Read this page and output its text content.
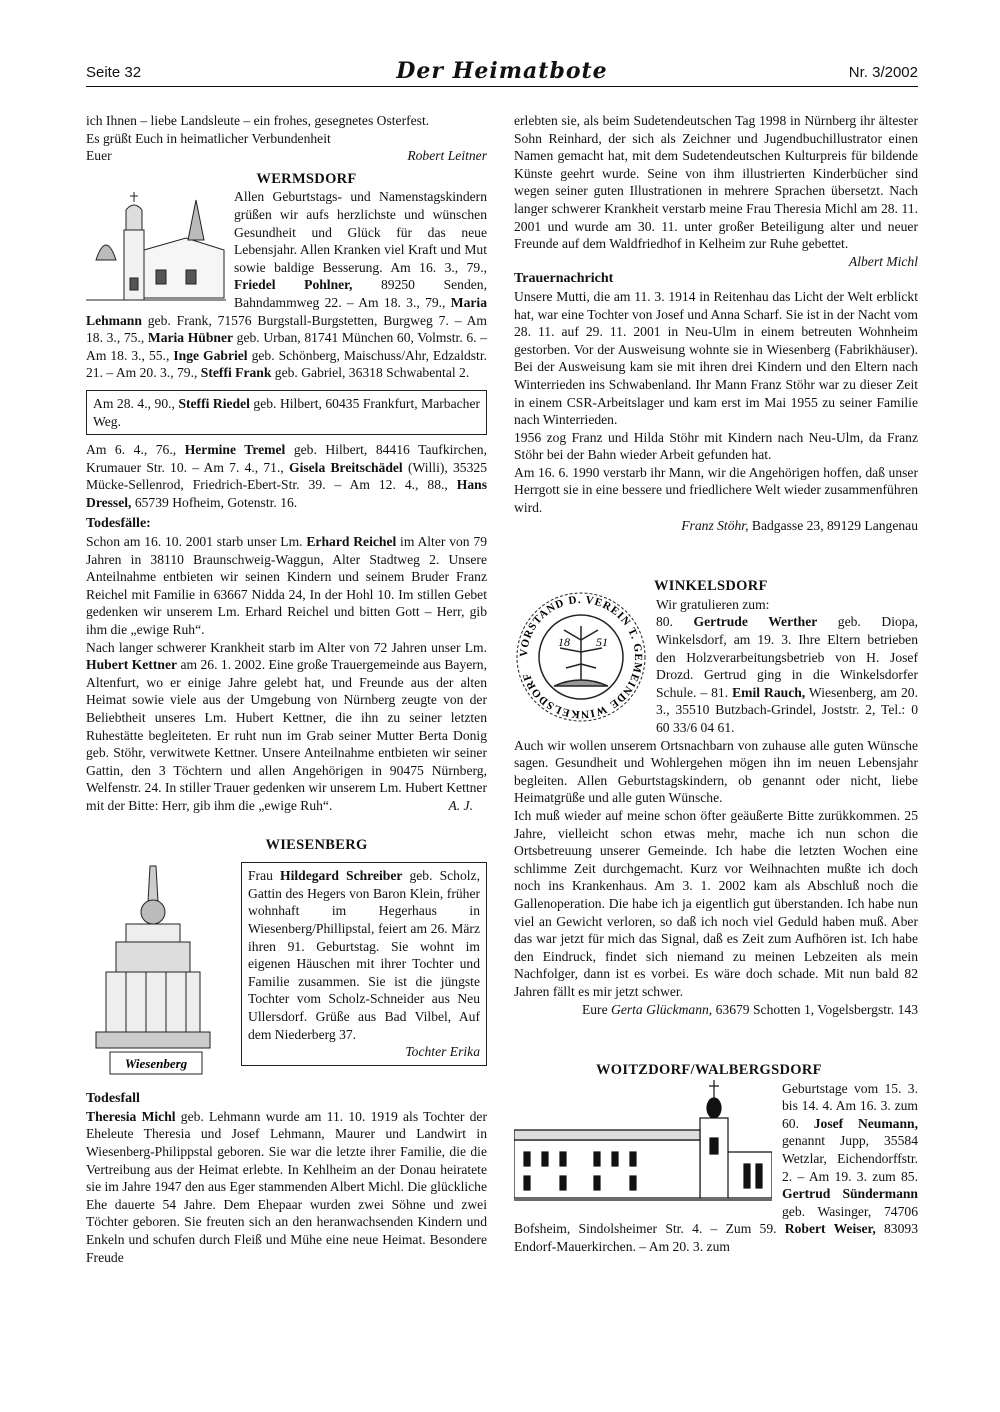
Seite 32	Der Heimatbote	Nr. 3/2002

ich Ihnen – liebe Landsleute – ein frohes, gesegnetes Osterfest.

Es grüßt Euch in heimatlicher Verbundenheit

Euer	Robert Leitner

WERMSDORF

Allen Geburtstags- und Namenstagskindern grüßen wir aufs herzlichste und wünschen Gesundheit und Glück für das neue Lebensjahr. Allen Kranken viel Kraft und Mut sowie baldige Besserung. Am 16. 3., 79., Friedel Pohlner, 89250 Senden, Bahndammweg 22. – Am 18. 3., 79., Maria Lehmann geb. Frank, 71576 Burgstall-Burgstetten, Burgweg 7. – Am 18. 3., 75., Maria Hübner geb. Urban, 81741 München 60, Volmstr. 6. – Am 18. 3., 55., Inge Gabriel geb. Schönberg, Maischuss/Ahr, Edzaldstr. 21. – Am 20. 3., 79., Steffi Frank geb. Gabriel, 36318 Schwabental 2.

Am 28. 4., 90., Steffi Riedel geb. Hilbert, 60435 Frankfurt, Marbacher Weg.

Am 6. 4., 76., Hermine Tremel geb. Hilbert, 84416 Taufkirchen, Krumauer Str. 10. – Am 7. 4., 71., Gisela Breitschädel (Willi), 35325 Mücke-Sellenrod, Friedrich-Ebert-Str. 39. – Am 12. 4., 88., Hans Dressel, 65739 Hofheim, Gotenstr. 16.

Todesfälle:

Schon am 16. 10. 2001 starb unser Lm. Erhard Reichel im Alter von 79 Jahren in 38110 Braunschweig-Waggun, Alter Stadtweg 2. Unsere Anteilnahme entbieten wir seinen Kindern und seinem Bruder Franz Reichel mit Familie in 63667 Nidda 24, In der Hohl 10. Im stillen Gebet gedenken wir unserem Lm. Erhard Reichel und bitten Gott – Herr, gib ihm die „ewige Ruh“.

Nach langer schwerer Krankheit starb im Alter von 72 Jahren unser Lm. Hubert Kettner am 26. 1. 2002. Eine große Trauergemeinde aus Bayern, Altenfurt, wo er einige Jahre gelebt hat, und Freunde aus der alten Heimat sowie viele aus der Umgebung von Nürnberg zeugte von der Beliebtheit unseres Lm. Hubert Kettner, die ihn zu seiner letzten Ruhestätte begleiteten. Er ruht nun im Grab seiner Mutter Berta Donig geb. Stöhr, verwitwete Kettner. Unsere Anteilnahme entbieten wir seiner Gattin, den 3 Töchtern und allen Angehörigen in 90475 Nürnberg, Welfenstr. 24. In stiller Trauer gedenken wir unserem Lm. Hubert Kettner mit der Bitte: Herr, gib ihm die „ewige Ruh“.	A. J.

WIESENBERG
Wiesenberg
Frau Hildegard Schreiber geb. Scholz, Gattin des Hegers von Baron Klein, früher wohnhaft im Hegerhaus in Wiesenberg/Phillipstal, feiert am 26. März ihren 91. Geburtstag. Sie wohnt im eigenen Häuschen mit ihrer Tochter und Familie zusammen. Sie ist die jüngste Tochter vom Scholz-Schneider aus Neu Ullersdorf. Grüße aus Bad Vilbel, Auf dem Niederberg 37.
Tochter Erika

Todesfall

Theresia Michl geb. Lehmann wurde am 11. 10. 1919 als Tochter der Eheleute Theresia und Josef Lehmann, Maurer und Landwirt in Wiesenberg-Philippstal geboren. Sie war die letzte ihrer Familie, die die Vertreibung aus der Heimat erlebte. In Kehlheim an der Donau heiratete sie im Jahre 1947 den aus Eger stammenden Albert Michl. Die glückliche Ehe dauerte 54 Jahre. Dem Ehepaar wurden zwei Söhne und zwei Töchter geboren. Sie freuten sich an den heranwachsenden Kindern und Enkeln und schufen durch Fleiß und Mühe eine neue Heimat. Besondere Freude

erlebten sie, als beim Sudetendeutschen Tag 1998 in Nürnberg ihr ältester Sohn Reinhard, der sich als Zeichner und Jugendbuchillustrator einen Namen gemacht hat, mit dem Sudetendeutschen Kulturpreis für bildende Künste geehrt wurde. Seine von ihm illustrierten Kinderbücher sind wegen seiner guten Illustrationen in mehrere Sprachen übersetzt. Nach langer schwerer Krankheit verstarb meine Frau Theresia Michl am 28. 11. 2001 und wurde am 30. 11. unter großer Beteiligung alter und neuer Freunde auf dem Waldfriedhof in Kelheim zur Ruhe gebettet.

Albert Michl

Trauernachricht

Unsere Mutti, die am 11. 3. 1914 in Reitenhau das Licht der Welt erblickt hat, war eine Tochter von Josef und Anna Scharf. Sie ist in der Nacht vom 28. 11. auf 29. 11. 2001 in Neu-Ulm in einem betreuten Wohnheim gestorben. Vor der Ausweisung wohnte sie in Wiesenberg (Fabrikhäuser). Bei der Ausweisung kam sie mit ihren drei Kindern und den Eltern nach Winterrieden ins Schwabenland. Ihr Mann Franz Stöhr war zu dieser Zeit in einem CSR-Arbeitslager und kam erst im Mai 1955 zu seiner Familie nach Winterrieden.

1956 zog Franz und Hilda Stöhr mit Kindern nach Neu-Ulm, da Franz Stöhr bei der Bahn wieder Arbeit gefunden hat.

Am 16. 6. 1990 verstarb ihr Mann, wir die Angehörigen hoffen, daß unser Herrgott sie in eine bessere und friedlichere Welt wieder zusammenführen wird.

Franz Stöhr, Badgasse 23, 89129 Langenau

WINKELSDORF
VORSTAND D. VEREIN T. GEMEINDE WINKELSDORF
18 51

Wir gratulieren zum:

80. Gertrude Werther geb. Diopa, Winkelsdorf, am 19. 3. Ihre Eltern betrieben den Holzverarbeitungsbetrieb von H. Josef Drozd. Gertrud ging in die Winkelsdorfer Schule. – 81. Emil Rauch, Wiesenberg, am 20. 3., 35510 Butzbach-Grindel, Joststr. 2, Tel.: 0 60 33/6 04 61.

Auch wir wollen unserem Ortsnachbarn von zuhause alle guten Wünsche sagen. Gesundheit und Wohlergehen mögen ihn im neuen Lebensjahr begleiten. Allen Geburtstagskindern, ob genannt oder nicht, liebe Heimatgrüße und alle guten Wünsche.

Ich muß wieder auf meine schon öfter geäußerte Bitte zurükkommen. 25 Jahre, vielleicht schon etwas mehr, mache ich nun schon die Ortsbetreuung unserer Gemeinde. Ich habe die letzten Wochen eine schlimme Zeit durchgemacht. Kurz vor Weihnachten mußte ich doch noch ins Krankenhaus. Am 3. 1. 2002 kam als Abschluß noch die Gallenoperation. Die habe ich ja eigentlich gut überstanden. Ich habe nun viel an Gewicht verloren, so daß ich noch viel Geduld haben muß. Aber das war jetzt für mich das Signal, daß es Zeit zum Aufhören ist. Ich habe den Eindruck, findet sich niemand zu meinen Lebzeiten als mein Nachfolger, dann ist es vorbei. Es wäre doch schade. Mit nun bald 82 Jahren fällt es mir jetzt schwer.

Eure Gerta Glückmann, 63679 Schotten 1, Vogelsbergstr. 143

WOITZDORF/WALBERGSDORF

Geburtstage vom 15. 3. bis 14. 4. Am 16. 3. zum 60. Josef Neumann, genannt Jupp, 35584 Wetzlar, Eichendorffstr. 2. – Am 19. 3. zum 85. Gertrud Sündermann geb. Wasinger, 74706 Bofsheim, Sindolsheimer Str. 4. – Zum 59. Robert Weiser, 83093 Endorf-Mauerkirchen. – Am 20. 3. zum
